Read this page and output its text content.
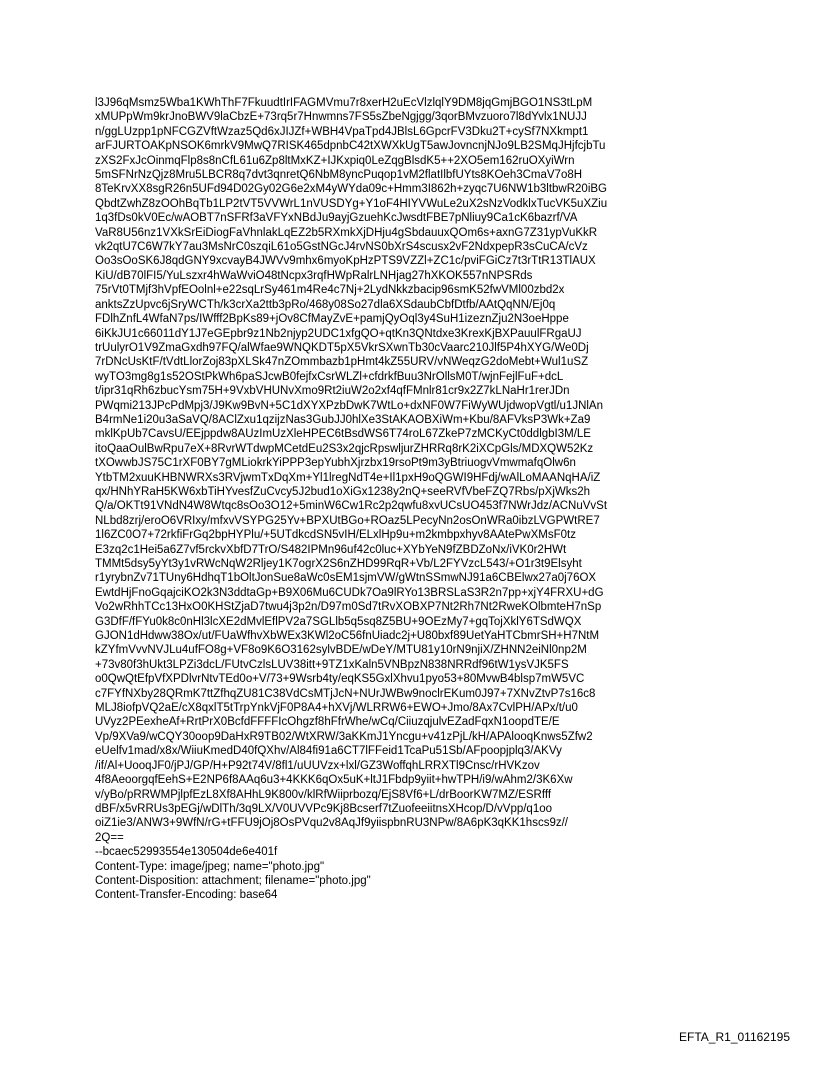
l3J96qMsmz5Wba1KWhThF7FkuudtIrIFAGMVmu7r8xerH2uEcVlzlqlY9DM8jqGmjBGO1NS3tLpM
xMUPpWm9krJnoBWV9laCbzE+73rq5r7Hnwmns7FS5sZbeNgjgg/3qorBMvzuoro7l8dYvlx1NUJJ
n/ggLUzpp1pNFCGZVftWzaz5Qd6xJIJZf+WBH4VpaTpd4JBlsL6GpcrFV3Dku2T+cySf7NXkmpt1
arFJURTOAKpNSOK6mrkV9MwQ7RISK465dpnbC42tXWXkUgT5awJovncnjNJo9LB2SMqJHjfcjbTu
zXS2FxJcOinmqFlp8s8nCfL61u6Zp8ltMxKZ+IJKxpiq0LeZqgBlsdK5++2XO5em162ruOXyiWrn
5mSFNrNzQjz8Mru5LBCR8q7dvt3qnretQ6NbM8yncPuqop1vM2flatIlbfUYts8KOeh3CmaV7o8H
8TeKrvXX8sgR26n5UFd94D02Gy02G6e2xM4yWYda09c+Hmm3I862h+zyqc7U6NW1b3ltbwR20iBG
QbdtZwhZ8zOOhBqTb1LP2tVT5VVWrL1nVUSDYg+Y1oF4HIYVWuLe2uX2sNzVodklxTucVK5uXZiu
1q3fDs0kV0Ec/wAOBT7nSFRf3aVFYxNBdJu9ayjGzuehKcJwsdtFBE7pNliuy9Ca1cK6bazrf/VA
VaR8U56nz1VXkSrEiDiogFaVhnlakLqEZ2b5RXmkXjDHju4gSbdauuxQOm6s+axnG7Z31ypVuKkR
vk2qtU7C6W7kY7au3MsNrC0szqiL61o5GstNGcJ4rvNS0bXrS4scusx2vF2NdxpepR3sCuCA/cVz
Oo3sOoSK6J8qdGNY9xcvayB4JWVv9mhx6myoKpHzPTS9VZZl+ZC1c/pviFGiCz7t3rTtR13TlAUX
KiU/dB70lFI5/YuLszxr4hWaWviO48tNcpx3rqfHWpRalrLNHjag27hXKOK557nNPSRds
75rVt0TMjf3hVpfEOolnl+e22sqLrSy461m4Re4c7Nj+2LydNkkzbacip96smK52fwVMl00zbd2x
anktsZzUpvc6jSryWCTh/k3crXa2ttb3pRo/468y08So27dla6XSdaubCbfDtfb/AAtQqNN/Ej0q
FDlhZnfL4WfaN7ps/IWfff2BpKs89+jOv8CfMayZvE+pamjQyOql3y4SuH1izeznZju2N3oeHppe
6iKkJU1c66011dY1J7eGEpbr9z1Nb2njyp2UDC1xfgQO+qtKn3QNtdxe3KrexKjBXPauulFRgaUJ
trUulyrO1V9ZmaGxdh97FQ/alWfae9WNQKDT5pX5VkrSXwnTb30cVaarc210Jlf5P4hXYG/We0Dj
7rDNcUsKtF/tVdtLlorZoj83pXLSk47nZOmmbazb1pHmt4kZ55URV/vNWeqzG2doMebt+Wul1uSZ
wyTO3mg8g1s52OStPkWh6paSJcwB0fejfxCsrWLZl+cfdrkfBuu3NrOllsM0T/wjnFejlFuF+dcL
t/ipr31qRh6zbucYsm75H+9VxbVHUNvXmo9Rt2iuW2o2xf4qfFMnlr81cr9x2Z7kLNaHr1rerJDn
PWqmi213JPcPdMpj3/J9Kw9BvN+5C1dXYXPzbDwK7WtLo+dxNF0W7FiWyWUjdwopVgtl/u1JNlAn
B4rmNe1i20u3aSaVQ/8AClZxu1qzijzNas3GubJJ0hlXe3StAKAOBXiWm+Kbu/8AFVksP3Wk+Za9
mklKpUb7CavsU/EEjppdw8AUzImUzXleHPEC6tBsdWS6T74roL67ZkeP7zMCKyCt0ddlgbI3M/LE
itoQaaOulBwRpu7eX+8RvrWTdwpMCetdEu2S3x2qjcRpswljurZHRRq8rK2iXCpGls/MDXQW52Kz
tXOwwbJS75C1rXF0BY7gMLiokrkYiPPP3epYubhXjrzbx19rsoPt9m3yBtriuogvVmwmafqOlw6n
YtbTM2xuuKHBNWRXs3RVjwmTxDqXm+Yl1lregNdT4e+Il1pxH9oQGWI9HFdj/wAlLoMAANqHA/iZ
qx/HNhYRaH5KW6xbTiHYvesfZuCvcy5J2bud1oXiGx1238y2nQ+seeRVfVbeFZQ7Rbs/pXjWks2h
Q/a/OKTt91VNdN4W8Wtqc8sOo3O12+5minW6Cw1Rc2p2qwfu8xvUCsUO453f7NWrJdz/ACNuVvSt
NLbd8zrj/eroO6VRIxy/mfxvVSYPG25Yv+BPXUtBGo+ROaz5LPecyNn2osOnWRa0ibzLVGPWtRE7
1l6ZC0O7+72rkfiFrGq2bpHYPlu/+5UTdkcdSN5vIH/ELxlHp9u+m2kmbpxhyv8AAtePwXMsF0tz
E3zq2c1Hei5a6Z7vf5rckvXbfD7TrO/S482IPMn96uf42c0luc+XYbYeN9fZBDZoNx/iVK0r2HWt
TMMt5dsy5yYt3y1vRWcNqW2Rljey1K7ogrX2S6nZHD99RqR+Vb/L2FYVzcL543/+O1r3t9Elsyht
r1yrybnZv71TUny6HdhqT1bOltJonSue8aWc0sEM1sjmVW/gWtnSSmwNJ91a6CBElwx27a0j76OX
EwtdHjFnoGqajciKO2k3N3ddtaGp+B9X06Mu6CUDk7Oa9lRYo13BRSLaS3R2n7pp+xjY4FRXU+dG
Vo2wRhhTCc13HxO0KHStZjaD7twu4j3p2n/D97m0Sd7tRvXOBXP7Nt2Rh7Nt2RweKOlbmteH7nSp
G3DfF/fFYu0k8c0nHl3lcXE2dMvlEflPV2a7SGLlb5q5sq8Z5BU+9OEzMy7+gqTojXklY6TSdWQX
GJON1dHdww38Ox/ut/FUaWfhvXbWEx3KWl2oC56fnUiadc2j+U80bxf89UetYaHTCbmrSH+H7NtM
kZYfmVvvNVJLu4ufFO8g+VF8o9K6O3162sylvBDE/wDeY/MTU81y10rN9njiX/ZHNN2eiNl0np2M
+73v80f3hUkt3LPZi3dcL/FUtvCzlsLUV38itt+9TZ1xKaln5VNBpzN838NRRdf96tW1ysVJK5FS
o0QwQtEfpVfXPDlvrNtvTEd0o+V/73+9Wsrb4ty/eqKS5GxlXhvu1pyo53+80MvwB4blsp7mW5VC
c7FYfNXby28QRmK7ttZfhqZU81C38VdCsMTjJcN+NUrJWBw9noclrEKum0J97+7XNvZtvP7s16c8
MLJ8iofpVQ2aE/cX8qxlT5tTrpYnkVjF0P8A4+hXVj/WLRRW6+EWO+Jmo/8Ax7CvlPH/APx/t/u0
UVyz2PEexheAf+RrtPrX0BcfdFFFFIcOhgzf8hFfrWhe/wCq/CiiuzqjulvEZadFqxN1oopdTE/E
Vp/9XVa9/wCQY30oop9DaHxR9TB02/WtXRW/3aKKmJ1Yncgu+v41zPjL/kH/APAlooqKnws5Zfw2
eUelfv1mad/x8x/WiiuKmedD40fQXhv/Al84fi91a6CT7lFFeid1TcaPu51Sb/AFpoopjplq3/AKVy
/if/Al+UooqJF0/jPJ/GP/H+P92t74V/8fl1/uUUVzx+lxl/GZ3WoffqhLRRXTl9Cnsc/rHVKzov
4f8AeoorgqfEehS+E2NP6f8AAq6u3+4KKK6qOx5uK+ltJ1Fbdp9yiit+hwTPH/i9/wAhm2/3K6Xw
v/yBo/pRRWMPjlpfEzL8Xf8AHhL9K800v/klRfWiiprbozq/EjS8Vf6+L/drBoorKW7MZ/ESRfff
dBF/x5vRRUs3pEGj/wDlTh/3q9LX/V0UVVPc9Kj8Bcserf7tZuofeeiitnsXHcop/D/vVpp/q1oo
oiZ1ie3/ANW3+9WfN/rG+tFFU9jOj8OsPVqu2v8AqJf9yiispbnRU3NPw/8A6pK3qKK1hscs9z//
2Q==
--bcaec52993554e130504de6e401f
Content-Type: image/jpeg; name="photo.jpg"
Content-Disposition: attachment; filename="photo.jpg"
Content-Transfer-Encoding: base64
EFTA_R1_01162195
